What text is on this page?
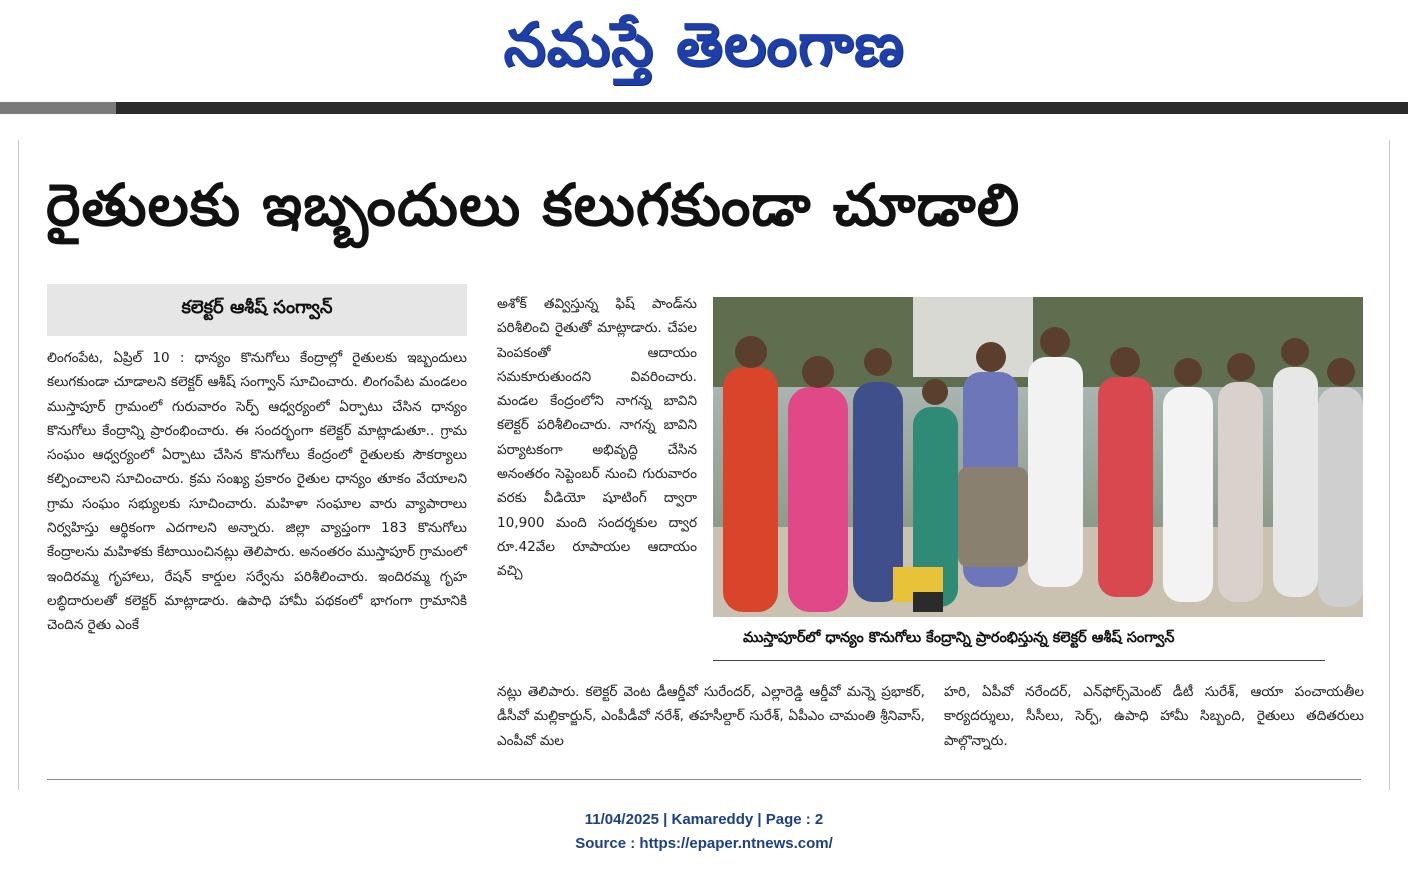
నమస్తే తెలంగాణ
రైతులకు ఇబ్బందులు కలుగకుండా చూడాలి
కలెక్టర్ ఆశీష్ సంగ్వాన్

లింగంపేట, ఏప్రిల్ 10 : ధాన్యం కొనుగోలు కేంద్రాల్లో రైతులకు ఇబ్బందులు కలుగకుండా చూడాలని కలెక్టర్ ఆశీష్ సంగ్వాన్ సూచించారు. లింగంపేట మండలం ముస్తాపూర్ గ్రామంలో గురువారం సెర్ప్ ఆధ్వర్యంలో ఏర్పాటు చేసిన ధాన్యం కొనుగోలు కేంద్రాన్ని ప్రారంభించారు. ఈ సందర్భంగా కలెక్టర్ మాట్లాడుతూ.. గ్రామ సంఘం ఆధ్వర్యంలో ఏర్పాటు చేసిన కొనుగోలు కేంద్రంలో రైతులకు సౌకర్యాలు కల్పించాలని సూచించారు. క్రమ సంఖ్య ప్రకారం రైతుల ధాన్యం తూకం వేయాలని గ్రామ సంఘం సభ్యులకు సూచించారు. మహిళా సంఘాల వారు వ్యాపారాలు నిర్వహిస్తు ఆర్థికంగా ఎదగాలని అన్నారు. జిల్లా వ్యాప్తంగా 183 కొనుగోలు కేంద్రాలను మహిళకు కేటాయించినట్లు తెలిపారు. అనంతరం ముస్తాపూర్ గ్రామంలో ఇందిరమ్మ గృహాలు, రేషన్ కార్డుల సర్వేను పరిశీలించారు. ఇందిరమ్మ గృహ లబ్ధిదారులతో కలెక్టర్ మాట్లాడారు. ఉపాధి హామీ పథకంలో భాగంగా గ్రామానికి చెందిన రైతు ఎంకే

అశోక్ తవ్విస్తున్న ఫిష్ పాండ్‌ను పరిశీలించి రైతుతో మాట్లాడారు. చేపల పెంపకంతో ఆదాయం సమకూరుతుందని వివరించారు. మండల కేంద్రంలోని నాగన్న బావిని కలెక్టర్ పరిశీలించారు. నాగన్న బావిని పర్యాటకంగా అభివృద్ధి చేసిన అనంతరం సెప్టెంబర్ నుంచి గురువారం వరకు వీడియో షూటింగ్ ద్వారా 10,900 మంది సందర్శకుల ద్వార రూ.42వేల రూపాయల ఆదాయం వచ్చి

ముస్తాపూర్‌లో ధాన్యం కొనుగోలు కేంద్రాన్ని ప్రారంభిస్తున్న కలెక్టర్ ఆశీష్ సంగ్వాన్

నట్లు తెలిపారు. కలెక్టర్ వెంట డీఆర్డీవో సురేందర్, ఎల్లారెడ్డి ఆర్డీవో మన్నె ప్రభాకర్, డీసీవో మల్లికార్జున్, ఎంపీడీవో నరేశ్, తహసీల్దార్ సురేశ్, ఏపీఎం చామంతి శ్రీనివాస్, ఎంపీవో మల

హరి, ఏపీవో నరేందర్, ఎన్‌ఫోర్స్‌మెంట్ డీటీ సురేశ్, ఆయా పంచాయతీల కార్యదర్శులు, సీసీలు, సెర్ప్, ఉపాధి హామీ సిబ్బంది, రైతులు తదితరులు పాల్గొన్నారు.

11/04/2025 | Kamareddy | Page : 2
Source : https://epaper.ntnews.com/
